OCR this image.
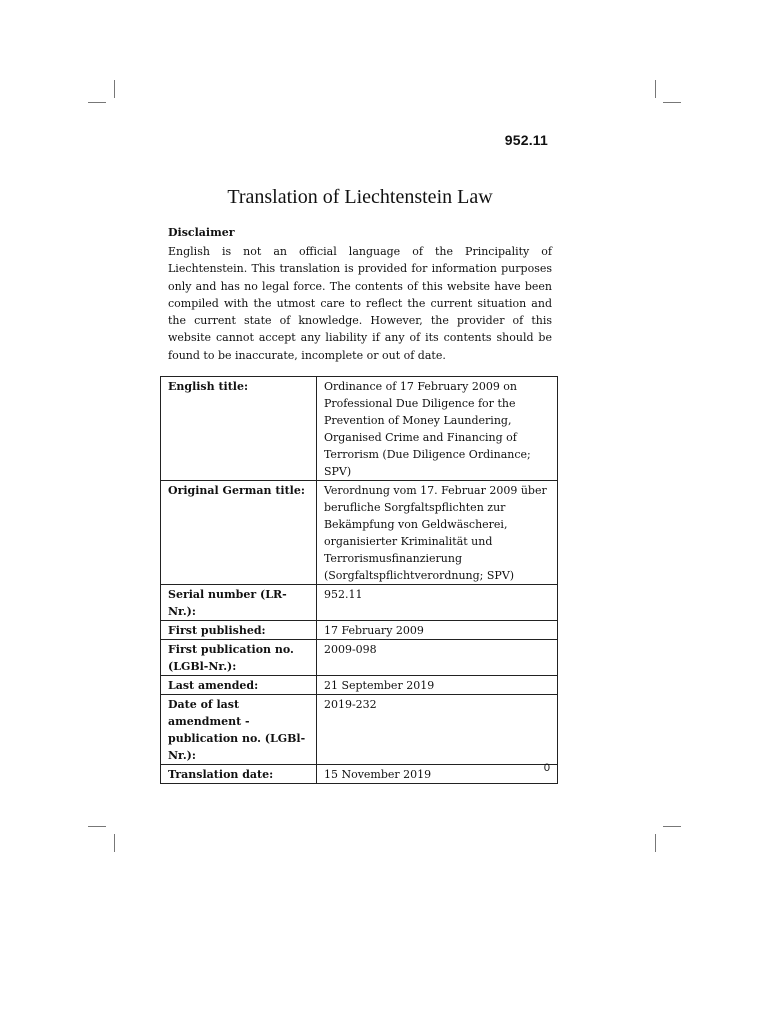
952.11
Translation of Liechtenstein Law
Disclaimer
English is not an official language of the Principality of Liechtenstein. This translation is provided for information purposes only and has no legal force. The contents of this website have been compiled with the utmost care to reflect the current situation and the current state of knowledge. However, the provider of this website cannot accept any liability if any of its contents should be found to be inaccurate, incomplete or out of date.
English title:	Ordinance of 17 February 2009 on Professional Due Diligence for the Prevention of Money Laundering, Organised Crime and Financing of Terrorism (Due Diligence Ordinance; SPV)
Original German title:	Verordnung vom 17. Februar 2009 über berufliche Sorgfaltspflichten zur Bekämpfung von Geldwäscherei, organisierter Kriminalität und Terrorismusfinanzierung (Sorgfaltspflichtverordnung; SPV)
Serial number (LR-Nr.):	952.11
First published:	17 February 2009
First publication no. (LGBl-Nr.):	2009-098
Last amended:	21 September 2019
Date of last amendment - publication no. (LGBl-Nr.):	2019-232
Translation date:	15 November 2019	0
